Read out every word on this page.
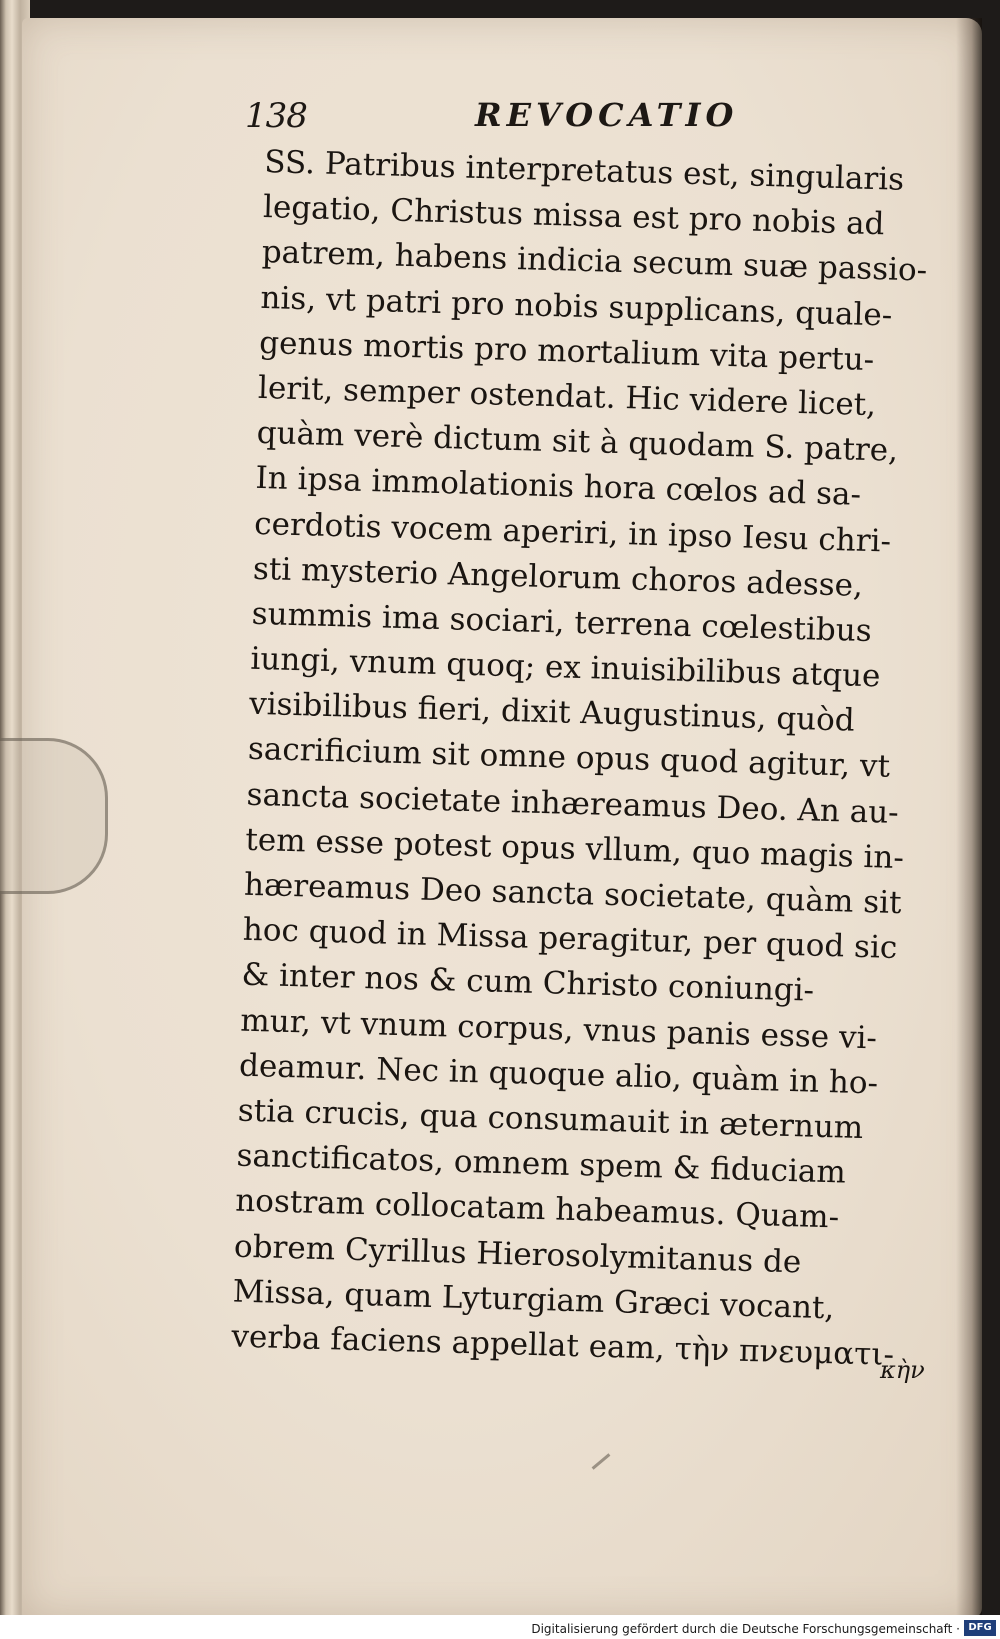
138	REVOCATIO
SS. Patribus interpretatus est, singularis
legatio, Christus missa est pro nobis ad
patrem, habens indicia secum suæ passio-
nis, vt patri pro nobis supplicans, quale-
genus mortis pro mortalium vita pertu-
lerit, semper ostendat. Hic videre licet,
quàm verè dictum sit à quodam S. patre,
In ipsa immolationis hora cœlos ad sa-
cerdotis vocem aperiri, in ipso Iesu chri-
sti mysterio Angelorum choros adesse,
summis ima sociari, terrena cœlestibus
iungi, vnum quoq; ex inuisibilibus atque
visibilibus fieri, dixit Augustinus, quòd
sacrificium sit omne opus quod agitur, vt
sancta societate inhæreamus Deo. An au-
tem esse potest opus vllum, quo magis in-
hæreamus Deo sancta societate, quàm sit
hoc quod in Missa peragitur, per quod sic
& inter nos & cum Christo coniungi-
mur, vt vnum corpus, vnus panis esse vi-
deamur. Nec in quoque alio, quàm in ho-
stia crucis, qua consumauit in æternum
sanctificatos, omnem spem & fiduciam
nostram collocatam habeamus. Quam-
obrem Cyrillus Hierosolymitanus de
Missa, quam Lyturgiam Græci vocant,
verba faciens appellat eam, τὴν πνευματι-
κὴν
Digitalisierung gefördert durch die Deutsche Forschungsgemeinschaft · DFG
